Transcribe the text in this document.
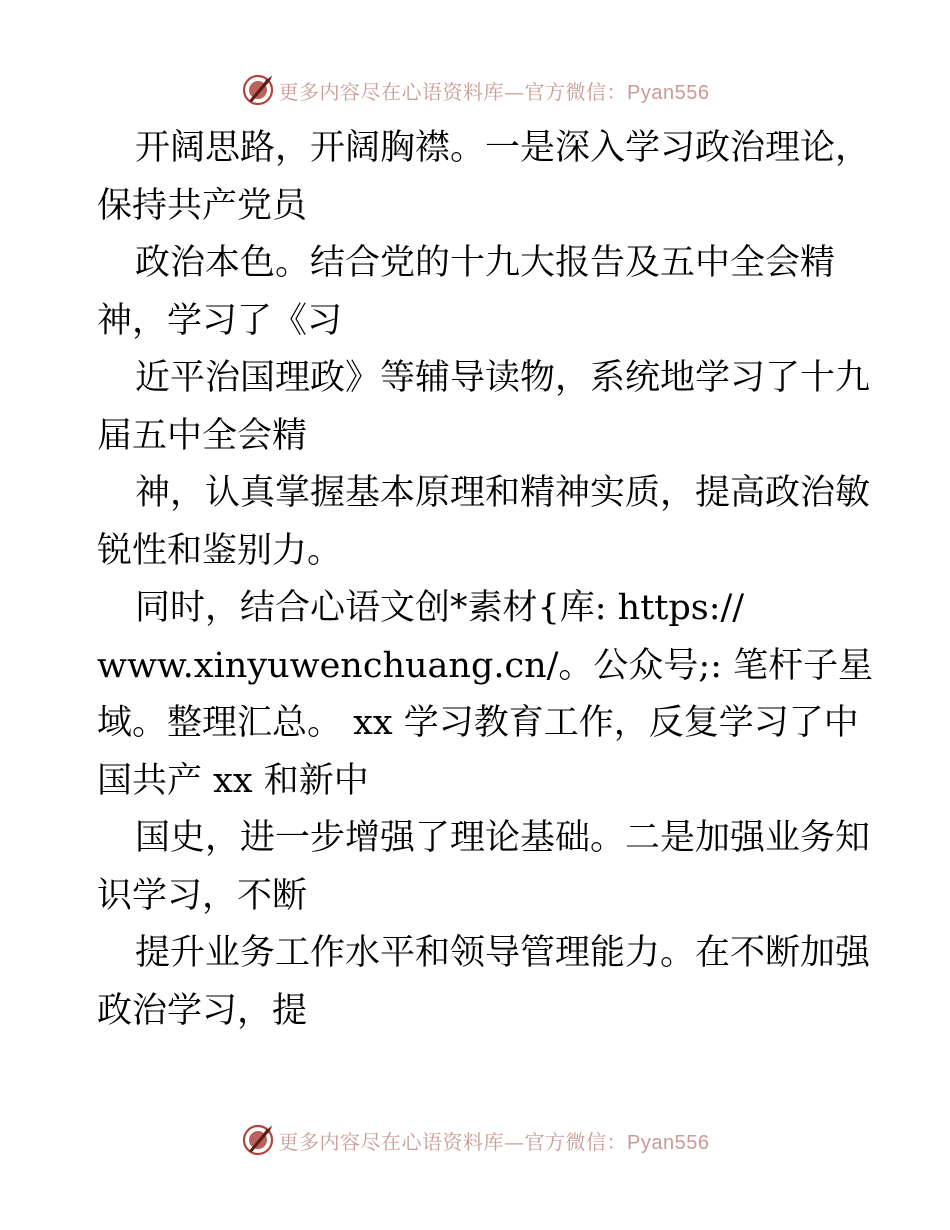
更多内容尽在心语资料库—官方微信：Pyan556
开阔思路，开阔胸襟。一是深入学习政治理论，
保持共产党员
政治本色。结合党的十九大报告及五中全会精
神，学习了《习
近平治国理政》等辅导读物，系统地学习了十九
届五中全会精
神，认真掌握基本原理和精神实质，提高政治敏
锐性和鉴别力。
同时，结合心语文创*素材{库: https://
www.xinyuwenchuang.cn/。公众号;: 笔杆子星
域。整理汇总。 xx 学习教育工作，反复学习了中
国共产 xx 和新中
国史，进一步增强了理论基础。二是加强业务知
识学习，不断
提升业务工作水平和领导管理能力。在不断加强
政治学习，提
更多内容尽在心语资料库—官方微信：Pyan556
